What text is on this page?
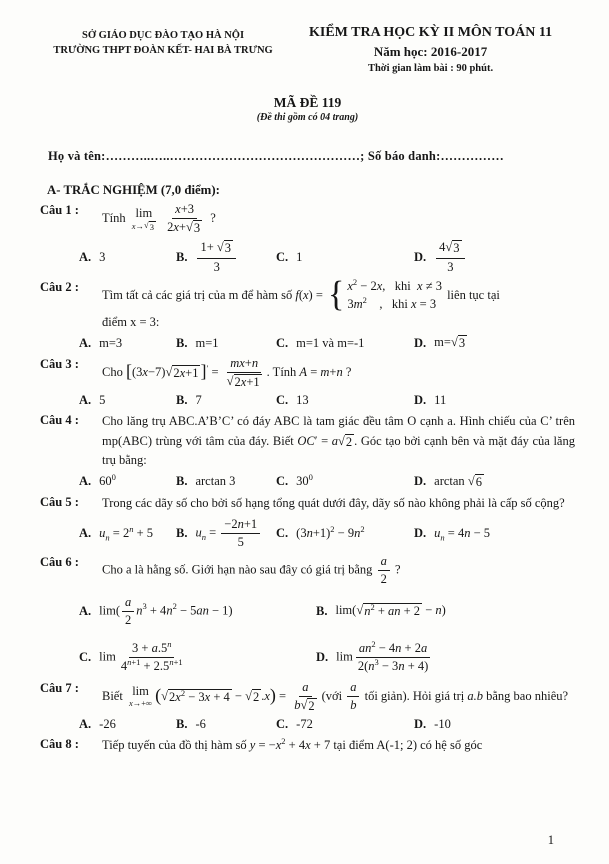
SỞ GIÁO DỤC ĐÀO TẠO HÀ NỘI
TRƯỜNG THPT ĐOÀN KẾT- HAI BÀ TRƯNG
KIỂM TRA HỌC KỲ II MÔN TOÁN 11
Năm học: 2016-2017
Thời gian làm bài : 90 phút.
MÃ ĐỀ 119
(Đề thi gồm có 04 trang)
Họ và tên:………..…..………………………………………; Số báo danh:……………
A- TRẮC NGHIỆM (7,0 điểm):
Câu 1 :
Tính lim
x→ √ 3
$\frac{x+3}{2x+ √ 3}$ ?
A. 3	B. $\frac{1+ √ 3}{3}$	C. 1	D. $\frac{4 √ 3}{3}$
Câu 2 :
Tìm tất cả các giá trị của m để hàm số f(x) = { $x^2 - 2x$,   khi  x ≠ 3
$3m^2$    ,   khi x = 3
liên tục tại
điểm x = 3:
A. m=3	B. m=1	C. m=1 và m=-1	D. m= √ 3
Câu 3 :
Cho [(3x−7) √ 2x+1 ]$' = \frac{mx+n}{√ 2x+1}$ . Tính A = m+n ?
A. 5	B. 7	C. 13	D. 11
Câu 4 :	Cho lăng trụ ABC.A’B’C’ có đáy ABC là tam giác đều tâm O cạnh a. Hình chiếu của C’ trên mp(ABC) trùng với tâm của đáy. Biết OC′ = a √ 2 . Góc tạo bởi cạnh bên và mặt đáy của lăng trụ bằng:
A. $60^0$	B. arctan 3	C. $30^0$	D. arctan √ 6
Câu 5 :	Trong các dãy số cho bởi số hạng tổng quát dưới đây, dãy số nào không phải là cấp số cộng?
A. $u_n = 2^n + 5$ B. $u_n = \frac{-2n+1}{5} C$. $(3n+1)^2 - 9n^2$	D. $u_n = 4n - 5$
Câu 6 :
Cho a là hằng số. Giới hạn nào sau đây có giá trị bằng $\frac{a}{2}$ ?
A. $\lim( \frac{a}{2} n^3 + 4n^2 - 5an - 1)$	B. lim( √ $n^2$ + an + 2 − n)
C. $\lim \frac{3 + a.5^n}{4^{n+1} + 2.5^{n+1}}$	D. $\lim \frac{an^2 - 4n + 2a}{2(n^3 - 3n + 4)}$
Câu 7 :
Biết lim
x→+∞ ( √ $2x^2 - 3x + 4$ − √ 2 $.x) = \frac{a}{b √ 2}$ (với $\frac{a}{b}$ tối giản). Hỏi giá trị a.b bằng bao nhiêu?
A. -26	B. -6	C. -72	D. -10
Câu 8 :	Tiếp tuyến của đồ thị hàm số $y = -x^2 + 4x + 7$ tại điểm A(-1; 2) có hệ số góc
1
